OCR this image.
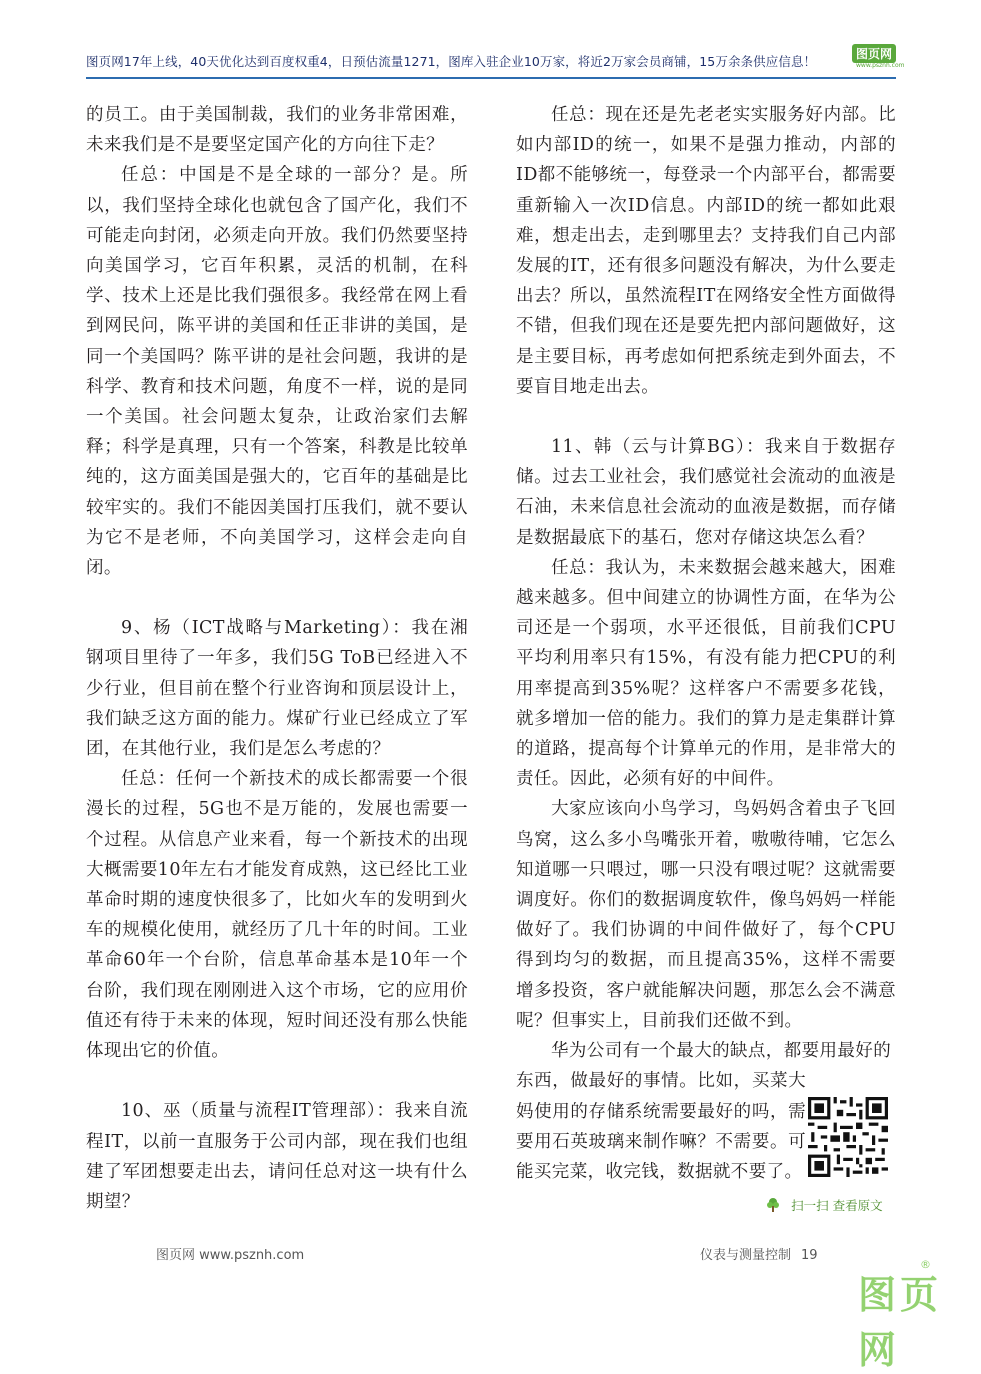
图页网17年上线，40天优化达到百度权重4，日预估流量1271，图库入驻企业10万家，将近2万家会员商铺，15万余条供应信息！	图页网
www.psznh.com

的员工。由于美国制裁，我们的业务非常困难，未来我们是不是要坚定国产化的方向往下走？

任总：中国是不是全球的一部分？是。所以，我们坚持全球化也就包含了国产化，我们不可能走向封闭，必须走向开放。我们仍然要坚持向美国学习，它百年积累，灵活的机制，在科学、技术上还是比我们强很多。我经常在网上看到网民问，陈平讲的美国和任正非讲的美国，是同一个美国吗？陈平讲的是社会问题，我讲的是科学、教育和技术问题，角度不一样，说的是同一个美国。社会问题太复杂，让政治家们去解释；科学是真理，只有一个答案，科教是比较单纯的，这方面美国是强大的，它百年的基础是比较牢实的。我们不能因美国打压我们，就不要认为它不是老师，不向美国学习，这样会走向自闭。

9、杨（ICT战略与Marketing）：我在湘钢项目里待了一年多，我们5G ToB已经进入不少行业，但目前在整个行业咨询和顶层设计上，我们缺乏这方面的能力。煤矿行业已经成立了军团，在其他行业，我们是怎么考虑的？

任总：任何一个新技术的成长都需要一个很漫长的过程，5G也不是万能的，发展也需要一个过程。从信息产业来看，每一个新技术的出现大概需要10年左右才能发育成熟，这已经比工业革命时期的速度快很多了，比如火车的发明到火车的规模化使用，就经历了几十年的时间。工业革命60年一个台阶，信息革命基本是10年一个台阶，我们现在刚刚进入这个市场，它的应用价值还有待于未来的体现，短时间还没有那么快能体现出它的价值。

10、巫（质量与流程IT管理部）：我来自流程IT，以前一直服务于公司内部，现在我们也组建了军团想要走出去，请问任总对这一块有什么期望？

任总：现在还是先老老实实服务好内部。比如内部ID的统一，如果不是强力推动，内部的ID都不能够统一，每登录一个内部平台，都需要重新输入一次ID信息。内部ID的统一都如此艰难，想走出去，走到哪里去？支持我们自己内部发展的IT，还有很多问题没有解决，为什么要走出去？所以，虽然流程IT在网络安全性方面做得不错，但我们现在还是要先把内部问题做好，这是主要目标，再考虑如何把系统走到外面去，不要盲目地走出去。

11、韩（云与计算BG）：我来自于数据存储。过去工业社会，我们感觉社会流动的血液是石油，未来信息社会流动的血液是数据，而存储是数据最底下的基石，您对存储这块怎么看？

任总：我认为，未来数据会越来越大，困难越来越多。但中间建立的协调性方面，在华为公司还是一个弱项，水平还很低，目前我们CPU平均利用率只有15%，有没有能力把CPU的利用率提高到35%呢？这样客户不需要多花钱，就多增加一倍的能力。我们的算力是走集群计算的道路，提高每个计算单元的作用，是非常大的责任。因此，必须有好的中间件。

大家应该向小鸟学习，鸟妈妈含着虫子飞回鸟窝，这么多小鸟嘴张开着，嗷嗷待哺，它怎么知道哪一只喂过，哪一只没有喂过呢？这就需要调度好。你们的数据调度软件，像鸟妈妈一样能做好了。我们协调的中间件做好了，每个CPU得到均匀的数据，而且提高35%，这样不需要增多投资，客户就能解决问题，那怎么会不满意呢？但事实上，目前我们还做不到。

华为公司有一个最大的缺点，都要用最好的

东西，做最好的事情。比如，买菜大妈使用的存储系统需要最好的吗，需要用石英玻璃来制作嘛？不需要。可能买完菜，收完钱，数据就不要了。

扫一扫 查看原文
图页网 www.psznh.com	仪表与测量控制 19
图页网
®
